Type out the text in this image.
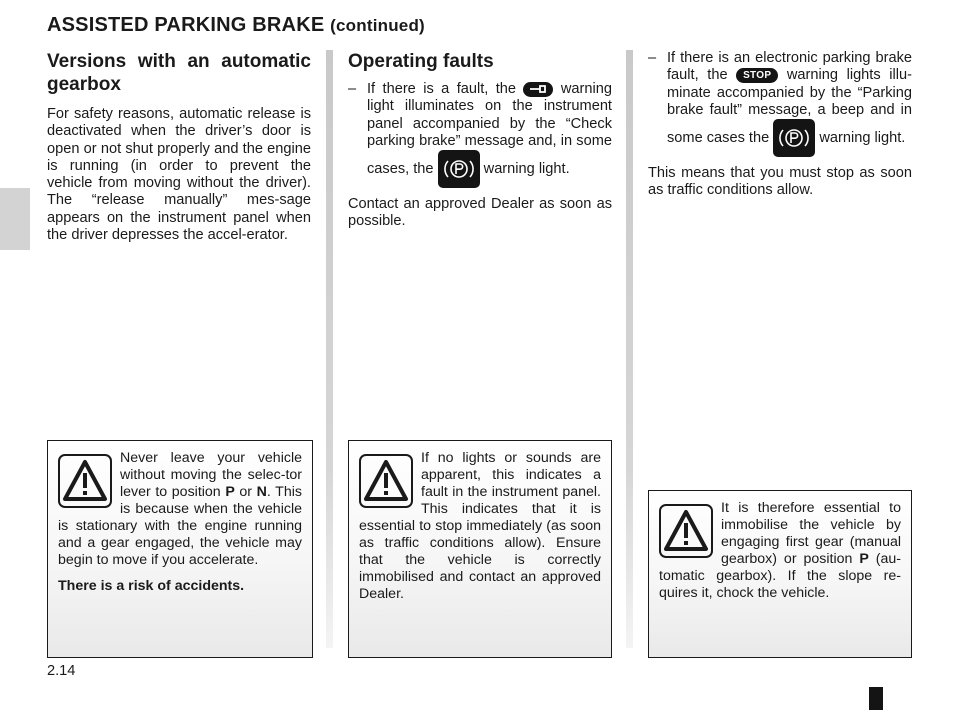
ASSISTED PARKING BRAKE (continued)
Versions with an automatic gearbox

For safety reasons, automatic release is deactivated when the driver’s door is open or not shut properly and the engine is running (in order to prevent the vehicle from moving without the driver). The “release manually” mes-sage appears on the instrument panel when the driver depresses the accel-erator.

Operating faults
– If there is a fault, the	warning light illuminates on the instrument panel accompanied by the “Check parking brake” message and, in some cases, the	warning light.

Contact an approved Dealer as soon as possible.

– If there is an electronic parking brake fault, the STOP warning lights illu-minate accompanied by the “Parking brake fault” message, a beep and in some cases the	warning light.

This means that you must stop as soon as traffic conditions allow.

Never leave your vehicle without moving the selec-tor lever to position P or N. This is because when the vehicle is stationary with the engine running and a gear engaged, the vehicle may begin to move if you accelerate.

There is a risk of accidents.

If no lights or sounds are apparent, this indicates a fault in the instrument panel. This indicates that it is essential to stop immediately (as soon as traffic conditions allow). Ensure that the vehicle is correctly immobilised and contact an approved Dealer.

It is therefore essential to immobilise the vehicle by engaging first gear (manual gearbox) or position P (au-tomatic gearbox). If the slope re-quires it, chock the vehicle.

2.14
